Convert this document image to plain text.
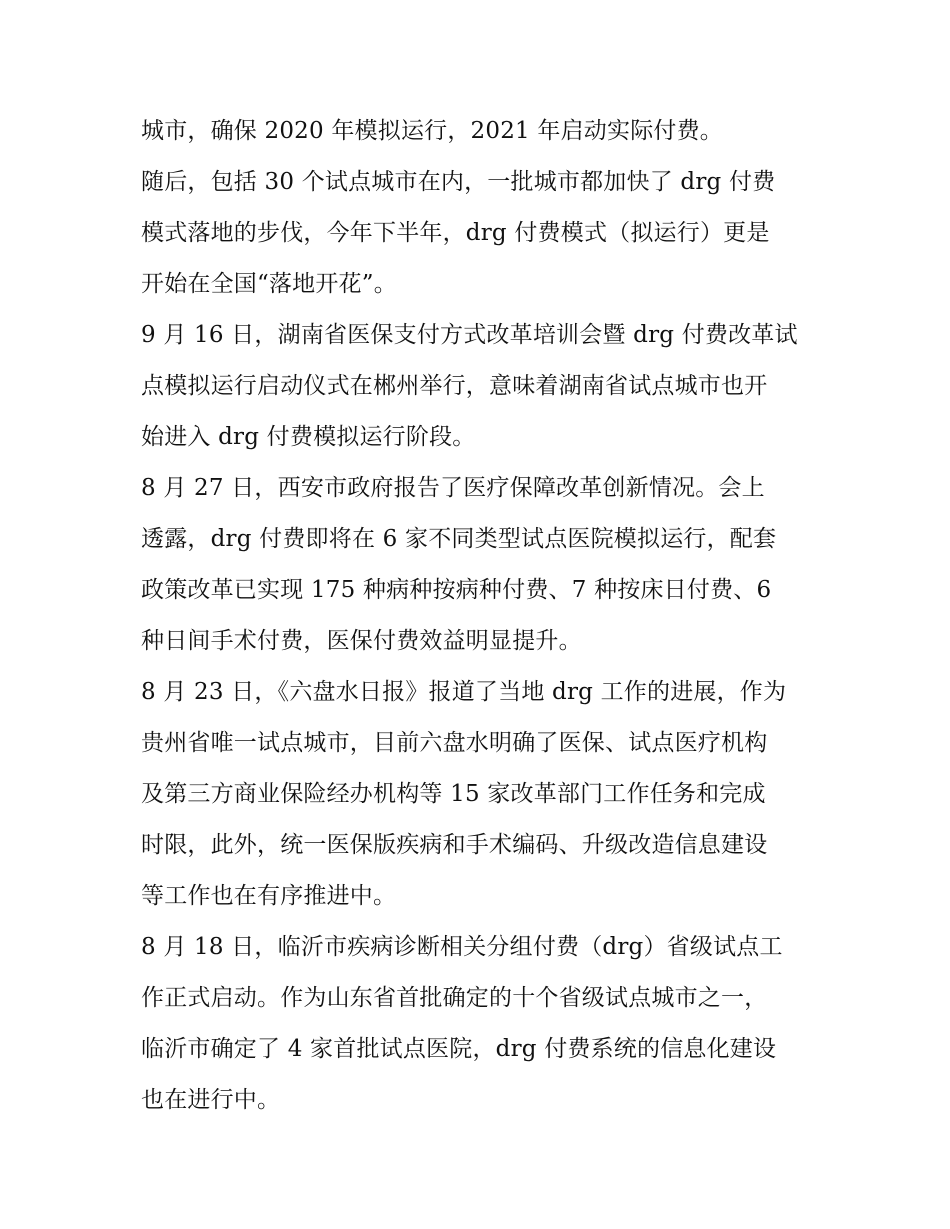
城市，确保 2020 年模拟运行，2021 年启动实际付费。
随后，包括 30 个试点城市在内，一批城市都加快了 drg 付费
模式落地的步伐，今年下半年，drg 付费模式（拟运行）更是
开始在全国“落地开花”。
9 月 16 日，湖南省医保支付方式改革培训会暨 drg 付费改革试
点模拟运行启动仪式在郴州举行，意味着湖南省试点城市也开
始进入 drg 付费模拟运行阶段。
8 月 27 日，西安市政府报告了医疗保障改革创新情况。会上
透露，drg 付费即将在 6 家不同类型试点医院模拟运行，配套
政策改革已实现 175 种病种按病种付费、7 种按床日付费、6
种日间手术付费，医保付费效益明显提升。
8 月 23 日，《六盘水日报》报道了当地 drg 工作的进展，作为
贵州省唯一试点城市，目前六盘水明确了医保、试点医疗机构
及第三方商业保险经办机构等 15 家改革部门工作任务和完成
时限，此外，统一医保版疾病和手术编码、升级改造信息建设
等工作也在有序推进中。
8 月 18 日，临沂市疾病诊断相关分组付费（drg）省级试点工
作正式启动。作为山东省首批确定的十个省级试点城市之一，
临沂市确定了 4 家首批试点医院，drg 付费系统的信息化建设
也在进行中。
